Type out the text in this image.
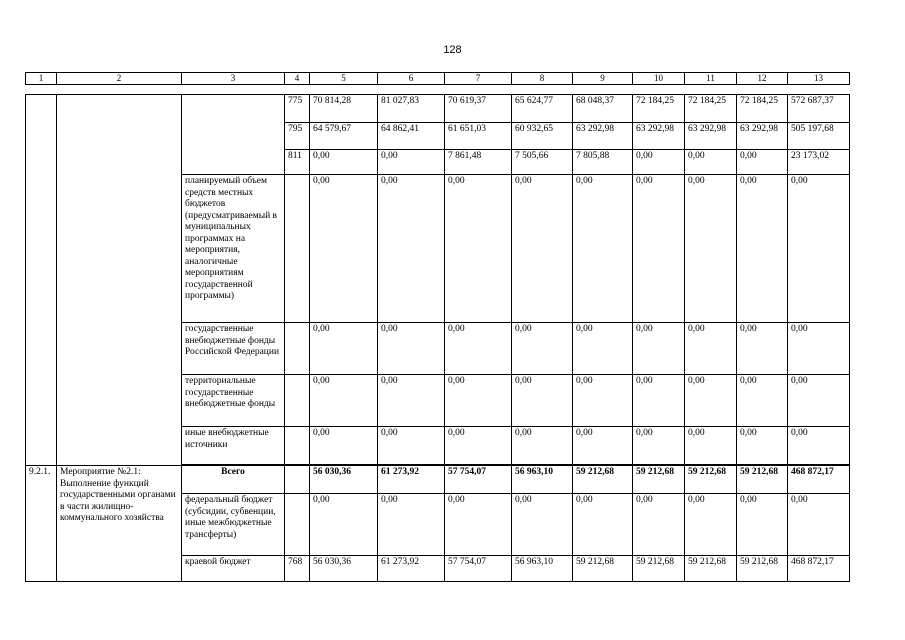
128
1	2	3	4	5	6	7	8	9	10	11	12	13
			775	70 814,28	81 027,83	70 619,37	65 624,77	68 048,37	72 184,25	72 184,25	72 184,25	572 687,37
			795	64 579,67	64 862,41	61 651,03	60 932,65	63 292,98	63 292,98	63 292,98	63 292,98	505 197,68
			811	0,00	0,00	7 861,48	7 505,66	7 805,88	0,00	0,00	0,00	23 173,02
		планируемый объем средств местных бюджетов (предусматриваемый в муниципальных программах на мероприятия, аналогичные мероприятиям государственной программы)		0,00	0,00	0,00	0,00	0,00	0,00	0,00	0,00	0,00
		государственные внебюджетные фонды Российской Федерации		0,00	0,00	0,00	0,00	0,00	0,00	0,00	0,00	0,00
		территориальные государственные внебюджетные фонды		0,00	0,00	0,00	0,00	0,00	0,00	0,00	0,00	0,00
		иные внебюджетные источники		0,00	0,00	0,00	0,00	0,00	0,00	0,00	0,00	0,00

9.2.1.	Мероприятие №2.1: Выполнение функций государственными органами в части жилищно-коммунального хозяйства	Всего		56 030,36	61 273,92	57 754,07	56 963,10	59 212,68	59 212,68	59 212,68	59 212,68	468 872,17
		федеральный бюджет (субсидии, субвенции, иные межбюджетные трансферты)		0,00	0,00	0,00	0,00	0,00	0,00	0,00	0,00	0,00
		краевой бюджет	768	56 030,36	61 273,92	57 754,07	56 963,10	59 212,68	59 212,68	59 212,68	59 212,68	468 872,17
